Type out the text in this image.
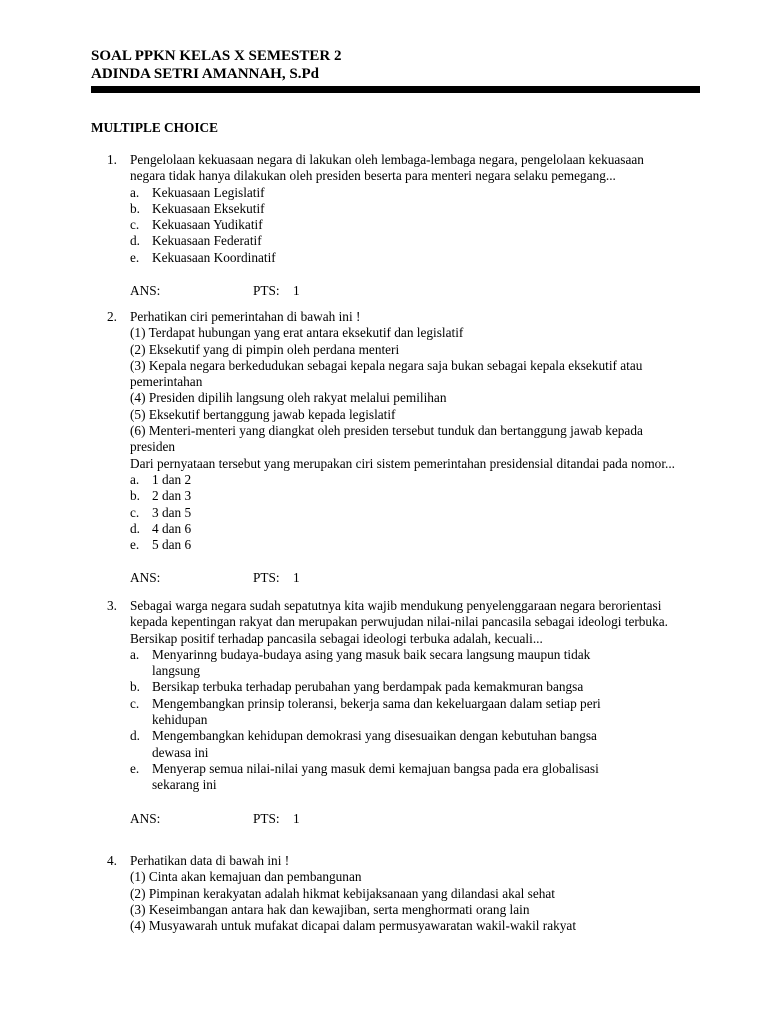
SOAL PPKN KELAS X SEMESTER 2
ADINDA SETRI AMANNAH, S.Pd
MULTIPLE CHOICE
1. Pengelolaan kekuasaan negara di lakukan oleh lembaga-lembaga negara, pengelolaan kekuasaan
negara tidak hanya dilakukan oleh presiden beserta para menteri negara selaku pemegang...
a. Kekuasaan Legislatif
b. Kekuasaan Eksekutif
c. Kekuasaan Yudikatif
d. Kekuasaan Federatif
e. Kekuasaan Koordinatif
ANS:	PTS: 1
2. Perhatikan ciri pemerintahan di bawah ini !
(1) Terdapat hubungan yang erat antara eksekutif dan legislatif
(2) Eksekutif yang di pimpin oleh perdana menteri
(3) Kepala negara berkedudukan sebagai kepala negara saja bukan sebagai kepala eksekutif atau
pemerintahan
(4) Presiden dipilih langsung oleh rakyat melalui pemilihan
(5) Eksekutif bertanggung jawab kepada legislatif
(6) Menteri-menteri yang diangkat oleh presiden tersebut tunduk dan bertanggung jawab kepada
presiden
Dari pernyataan tersebut yang merupakan ciri sistem pemerintahan presidensial ditandai pada nomor...
a. 1 dan 2
b. 2 dan 3
c. 3 dan 5
d. 4 dan 6
e. 5 dan 6
ANS:	PTS: 1
3. Sebagai warga negara sudah sepatutnya kita wajib mendukung penyelenggaraan negara berorientasi
kepada kepentingan rakyat dan merupakan perwujudan nilai-nilai pancasila sebagai ideologi terbuka.
Bersikap positif terhadap pancasila sebagai ideologi terbuka adalah, kecuali...
a. Menyarinng budaya-budaya asing yang masuk baik secara langsung maupun tidak
langsung
b. Bersikap terbuka terhadap perubahan yang berdampak pada kemakmuran bangsa
c. Mengembangkan prinsip toleransi, bekerja sama dan kekeluargaan dalam setiap peri
kehidupan
d. Mengembangkan kehidupan demokrasi yang disesuaikan dengan kebutuhan bangsa
dewasa ini
e. Menyerap semua nilai-nilai yang masuk demi kemajuan bangsa pada era globalisasi
sekarang ini
ANS:	PTS: 1
4. Perhatikan data di bawah ini !
(1) Cinta akan kemajuan dan pembangunan
(2) Pimpinan kerakyatan adalah hikmat kebijaksanaan yang dilandasi akal sehat
(3) Keseimbangan antara hak dan kewajiban, serta menghormati orang lain
(4) Musyawarah untuk mufakat dicapai dalam permusyawaratan wakil-wakil rakyat
